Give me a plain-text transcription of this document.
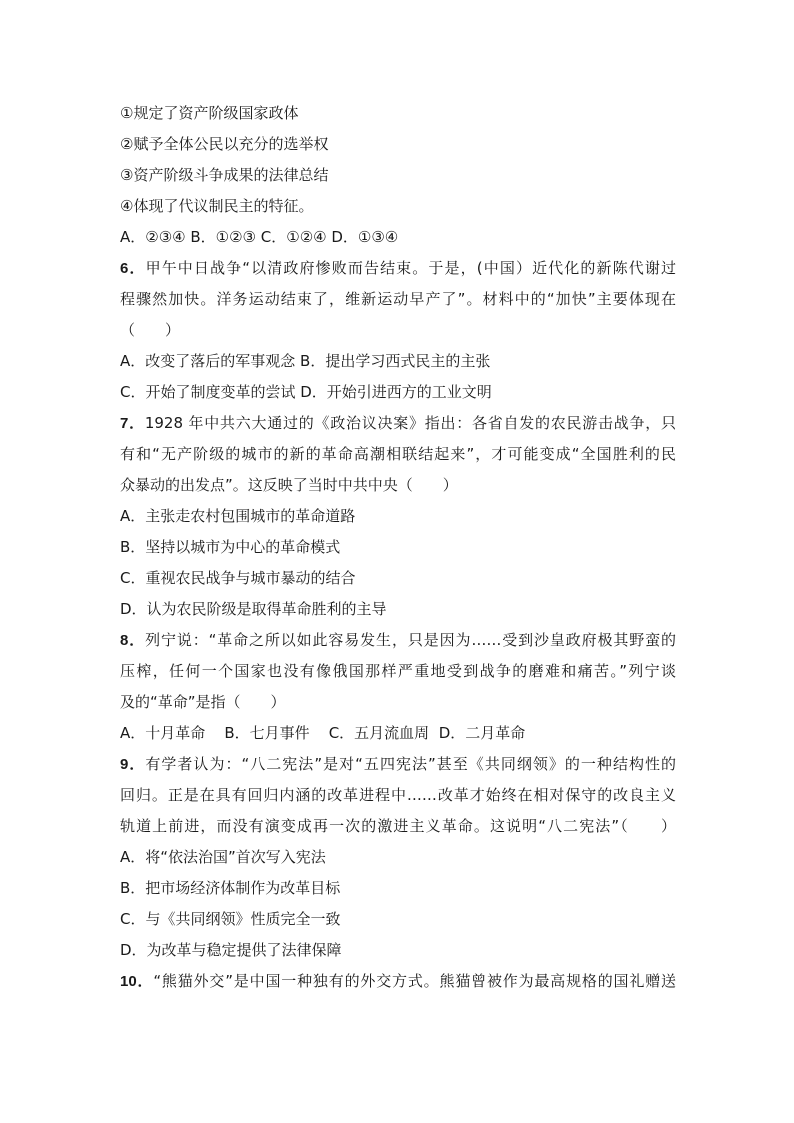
①规定了资产阶级国家政体
②赋予全体公民以充分的选举权
③资产阶级斗争成果的法律总结
④体现了代议制民主的特征。
A．②③④ B．①②③ C．①②④ D．①③④
6．甲午中日战争“以清政府惨败而告结束。于是，(中国）近代化的新陈代谢过
程骤然加快。洋务运动结束了，维新运动早产了”。材料中的“加快”主要体现在
（　　）
A．改变了落后的军事观念 B．提出学习西式民主的主张
C．开始了制度变革的尝试 D．开始引进西方的工业文明
7．1928 年中共六大通过的《政治议决案》指出：各省自发的农民游击战争，只
有和“无产阶级的城市的新的革命高潮相联结起来”，才可能变成“全国胜利的民
众暴动的出发点”。这反映了当时中共中央（　　）
A．主张走农村包围城市的革命道路
B．坚持以城市为中心的革命模式
C．重视农民战争与城市暴动的结合
D．认为农民阶级是取得革命胜利的主导
8．列宁说：“革命之所以如此容易发生，只是因为……受到沙皇政府极其野蛮的
压榨，任何一个国家也没有像俄国那样严重地受到战争的磨难和痛苦。”列宁谈
及的“革命”是指（　　）
A．十月革命    B．七月事件    C．五月流血周  D．二月革命
9．有学者认为：“八二宪法”是对“五四宪法”甚至《共同纲领》的一种结构性的
回归。正是在具有回归内涵的改革进程中……改革才始终在相对保守的改良主义
轨道上前进，而没有演变成再一次的激进主义革命。这说明“八二宪法”（　　）
A．将“依法治国”首次写入宪法
B．把市场经济体制作为改革目标
C．与《共同纲领》性质完全一致
D．为改革与稳定提供了法律保障
10．“熊猫外交”是中国一种独有的外交方式。熊猫曾被作为最高规格的国礼赠送
